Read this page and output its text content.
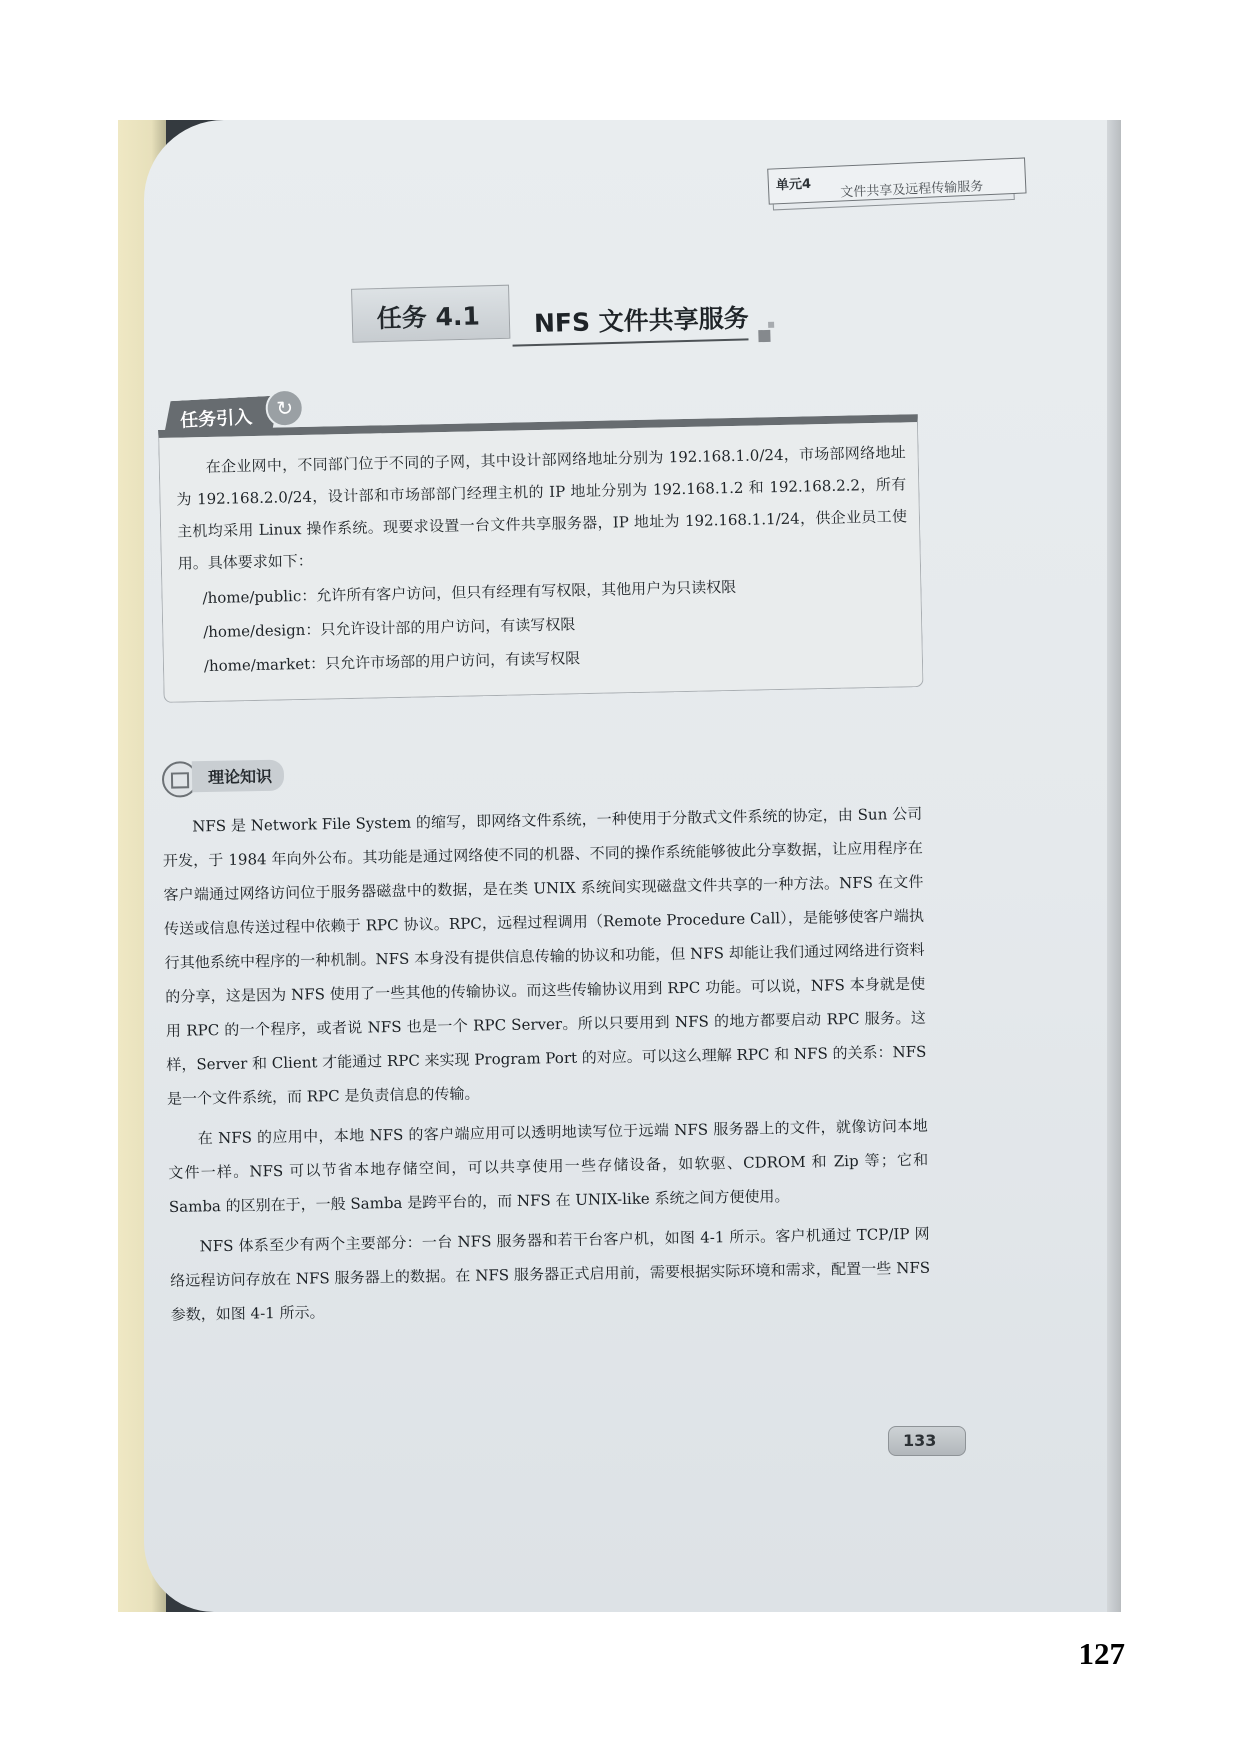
单元4 文件共享及远程传输服务
任务 4.1 NFS 文件共享服务
任务引入	↻

在企业网中，不同部门位于不同的子网，其中设计部网络地址分别为 192.168.1.0/24，市场部网络地址为 192.168.2.0/24，设计部和市场部部门经理主机的 IP 地址分别为 192.168.1.2 和 192.168.2.2，所有主机均采用 Linux 操作系统。现要求设置一台文件共享服务器，IP 地址为 192.168.1.1/24，供企业员工使用。具体要求如下：

/home/public：允许所有客户访问，但只有经理有写权限，其他用户为只读权限
/home/design：只允许设计部的用户访问，有读写权限
/home/market：只允许市场部的用户访问，有读写权限
理论知识

NFS 是 Network File System 的缩写，即网络文件系统，一种使用于分散式文件系统的协定，由 Sun 公司开发，于 1984 年向外公布。其功能是通过网络使不同的机器、不同的操作系统能够彼此分享数据，让应用程序在客户端通过网络访问位于服务器磁盘中的数据，是在类 UNIX 系统间实现磁盘文件共享的一种方法。NFS 在文件传送或信息传送过程中依赖于 RPC 协议。RPC，远程过程调用（Remote Procedure Call），是能够使客户端执行其他系统中程序的一种机制。NFS 本身没有提供信息传输的协议和功能，但 NFS 却能让我们通过网络进行资料的分享，这是因为 NFS 使用了一些其他的传输协议。而这些传输协议用到 RPC 功能。可以说，NFS 本身就是使用 RPC 的一个程序，或者说 NFS 也是一个 RPC Server。所以只要用到 NFS 的地方都要启动 RPC 服务。这样，Server 和 Client 才能通过 RPC 来实现 Program Port 的对应。可以这么理解 RPC 和 NFS 的关系：NFS 是一个文件系统，而 RPC 是负责信息的传输。

在 NFS 的应用中，本地 NFS 的客户端应用可以透明地读写位于远端 NFS 服务器上的文件，就像访问本地文件一样。NFS 可以节省本地存储空间，可以共享使用一些存储设备，如软驱、CDROM 和 Zip 等；它和 Samba 的区别在于，一般 Samba 是跨平台的，而 NFS 在 UNIX-like 系统之间方便使用。

NFS 体系至少有两个主要部分：一台 NFS 服务器和若干台客户机，如图 4-1 所示。客户机通过 TCP/IP 网络远程访问存放在 NFS 服务器上的数据。在 NFS 服务器正式启用前，需要根据实际环境和需求，配置一些 NFS 参数，如图 4-1 所示。

133
127
